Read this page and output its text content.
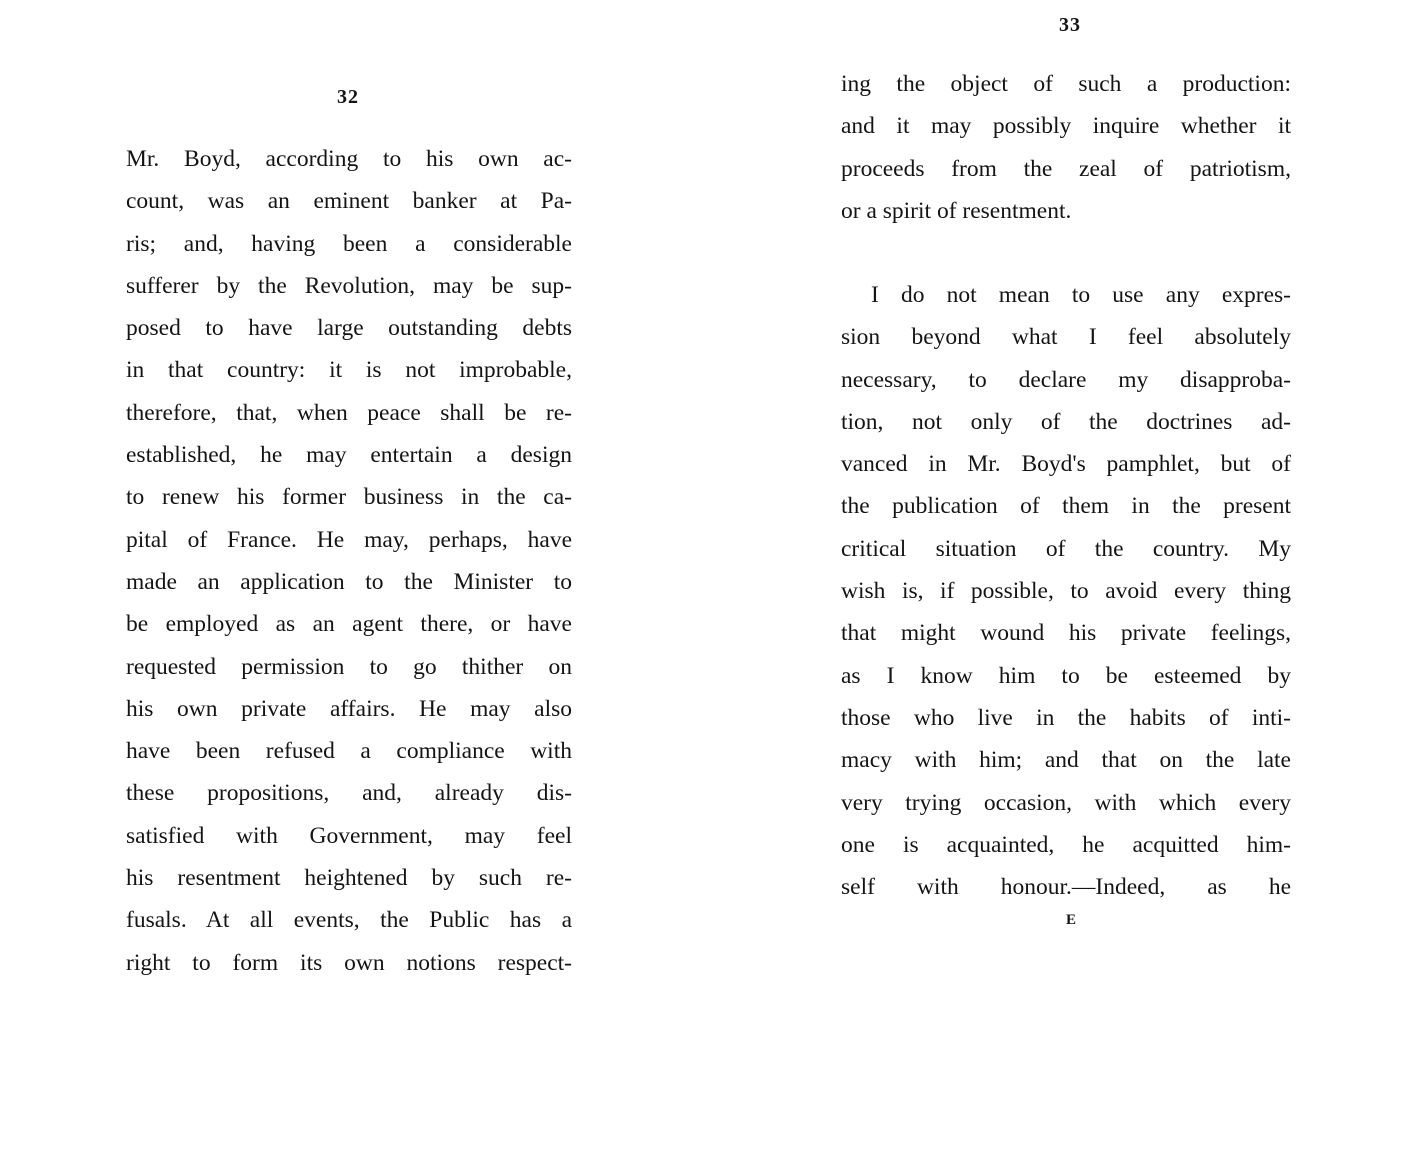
32
Mr. Boyd, according to his own ac-
count, was an eminent banker at Pa-
ris; and, having been a considerable
sufferer by the Revolution, may be sup-
posed to have large outstanding debts
in that country: it is not improbable,
therefore, that, when peace shall be re-
established, he may entertain a design
to renew his former business in the ca-
pital of France. He may, perhaps, have
made an application to the Minister to
be employed as an agent there, or have
requested permission to go thither on
his own private affairs. He may also
have been refused a compliance with
these propositions, and, already dis-
satisfied with Government, may feel
his resentment heightened by such re-
fusals. At all events, the Public has a
right to form its own notions respect-
33
ing the object of such a production:
and it may possibly inquire whether it
proceeds from the zeal of patriotism,
or a spirit of resentment.
I do not mean to use any expres-
sion beyond what I feel absolutely
necessary, to declare my disapproba-
tion, not only of the doctrines ad-
vanced in Mr. Boyd's pamphlet, but of
the publication of them in the present
critical situation of the country. My
wish is, if possible, to avoid every thing
that might wound his private feelings,
as I know him to be esteemed by
those who live in the habits of inti-
macy with him; and that on the late
very trying occasion, with which every
one is acquainted, he acquitted him-
self with honour.—Indeed, as he
E
